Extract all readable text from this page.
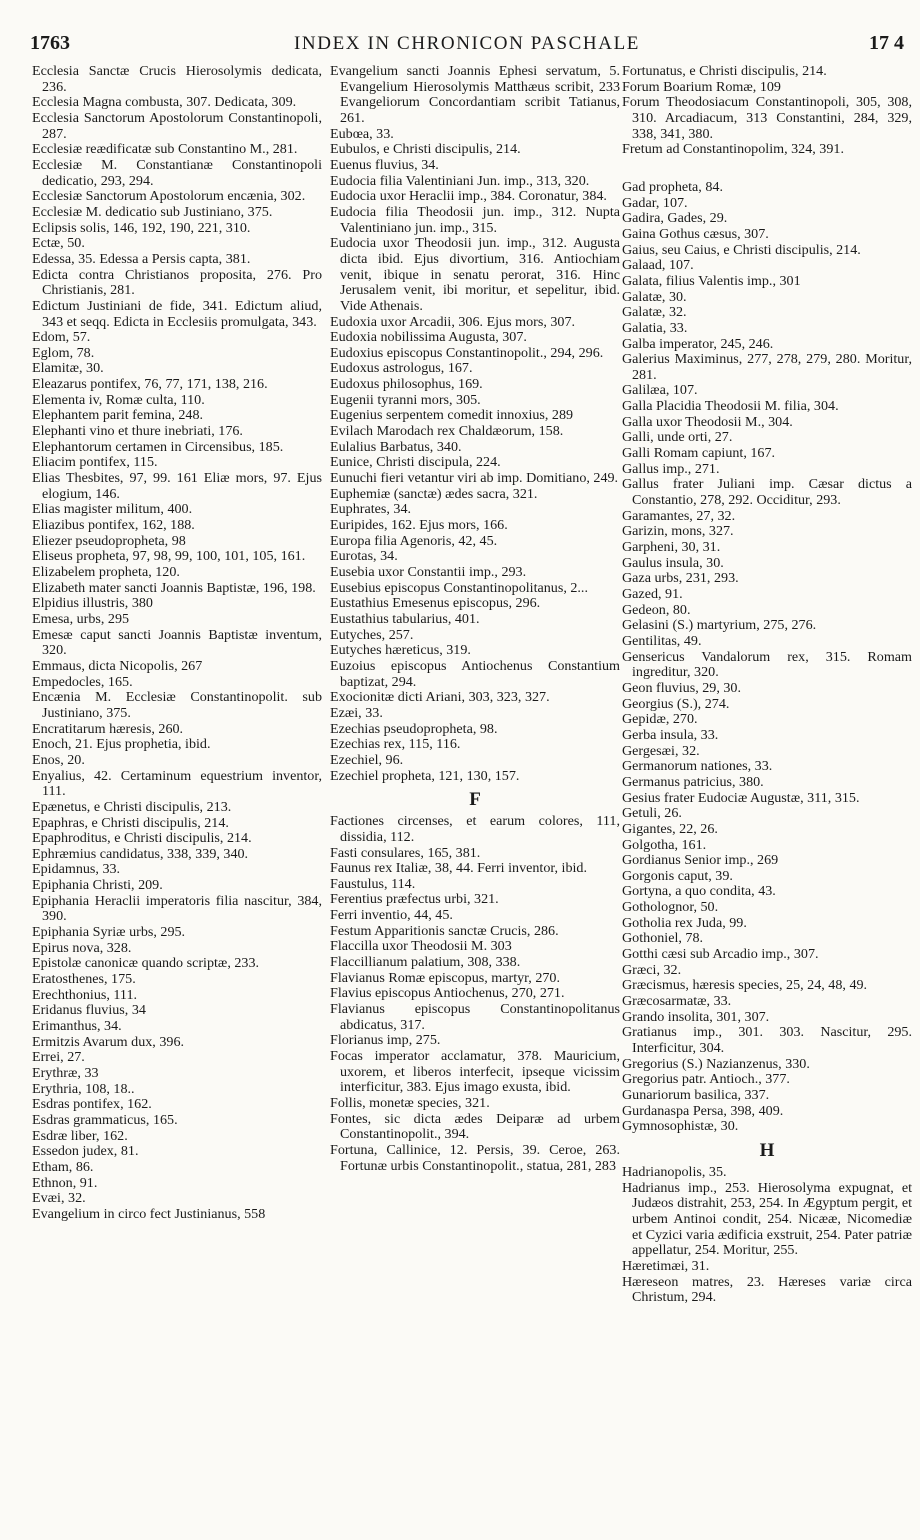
1763	INDEX IN CHRONICON PASCHALE	17 4

Ecclesia Sanctæ Crucis Hierosolymis dedicata, 236.

Ecclesia Magna combusta, 307. Dedicata, 309.

Ecclesia Sanctorum Apostolorum Constantinopoli, 287.

Ecclesiæ reædificatæ sub Constantino M., 281.

Ecclesiæ M. Constantianæ Constantinopoli dedicatio, 293, 294.

Ecclesiæ Sanctorum Apostolorum encænia, 302.

Ecclesiæ M. dedicatio sub Justiniano, 375.

Eclipsis solis, 146, 192, 190, 221, 310.

Ectæ, 50.

Edessa, 35. Edessa a Persis capta, 381.

Edicta contra Christianos proposita, 276. Pro Christianis, 281.

Edictum Justiniani de fide, 341. Edictum aliud, 343 et seqq. Edicta in Ecclesiis promulgata, 343.

Edom, 57.

Eglom, 78.

Elamitæ, 30.

Eleazarus pontifex, 76, 77, 171, 138, 216.

Elementa iv, Romæ culta, 110.

Elephantem parit femina, 248.

Elephanti vino et thure inebriati, 176.

Elephantorum certamen in Circensibus, 185.

Eliacim pontifex, 115.

Elias Thesbites, 97, 99. 161 Eliæ mors, 97. Ejus elogium, 146.

Elias magister militum, 400.

Eliazibus pontifex, 162, 188.

Eliezer pseudopropheta, 98

Eliseus propheta, 97, 98, 99, 100, 101, 105, 161.

Elizabelem propheta, 120.

Elizabeth mater sancti Joannis Baptistæ, 196, 198.

Elpidius illustris, 380

Emesa, urbs, 295

Emesæ caput sancti Joannis Baptistæ inventum, 320.

Emmaus, dicta Nicopolis, 267

Empedocles, 165.

Encænia M. Ecclesiæ Constantinopolit. sub Justiniano, 375.

Encratitarum hæresis, 260.

Enoch, 21. Ejus prophetia, ibid.

Enos, 20.

Enyalius, 42. Certaminum equestrium inventor, 111.

Epænetus, e Christi discipulis, 213.

Epaphras, e Christi discipulis, 214.

Epaphroditus, e Christi discipulis, 214.

Ephræmius candidatus, 338, 339, 340.

Epidamnus, 33.

Epiphania Christi, 209.

Epiphania Heraclii imperatoris filia nascitur, 384, 390.

Epiphania Syriæ urbs, 295.

Epirus nova, 328.

Epistolæ canonicæ quando scriptæ, 233.

Eratosthenes, 175.

Erechthonius, 111.

Eridanus fluvius, 34

Erimanthus, 34.

Ermitzis Avarum dux, 396.

Errei, 27.

Erythræ, 33

Erythria, 108, 18..

Esdras pontifex, 162.

Esdras grammaticus, 165.

Esdræ liber, 162.

Essedon judex, 81.

Etham, 86.

Ethnon, 91.

Evæi, 32.

Evangelium in circo fect Justinianus, 558

Evangelium sancti Joannis Ephesi servatum, 5. Evangelium Hierosolymis Matthæus scribit, 233 Evangeliorum Concordantiam scribit Tatianus, 261.

Eubœa, 33.

Eubulos, e Christi discipulis, 214.

Euenus fluvius, 34.

Eudocia filia Valentiniani Jun. imp., 313, 320.

Eudocia uxor Heraclii imp., 384. Coronatur, 384.

Eudocia filia Theodosii jun. imp., 312. Nupta Valentiniano jun. imp., 315.

Eudocia uxor Theodosii jun. imp., 312. Augusta dicta ibid. Ejus divortium, 316. Antiochiam venit, ibique in senatu perorat, 316. Hinc Jerusalem venit, ibi moritur, et sepelitur, ibid. Vide Athenais.

Eudoxia uxor Arcadii, 306. Ejus mors, 307.

Eudoxia nobilissima Augusta, 307.

Eudoxius episcopus Constantinopolit., 294, 296.

Eudoxus astrologus, 167.

Eudoxus philosophus, 169.

Eugenii tyranni mors, 305.

Eugenius serpentem comedit innoxius, 289

Evilach Marodach rex Chaldæorum, 158.

Eulalius Barbatus, 340.

Eunice, Christi discipula, 224.

Eunuchi fieri vetantur viri ab imp. Domitiano, 249.

Euphemiæ (sanctæ) ædes sacra, 321.

Euphrates, 34.

Euripides, 162. Ejus mors, 166.

Europa filia Agenoris, 42, 45.

Eurotas, 34.

Eusebia uxor Constantii imp., 293.

Eusebius episcopus Constantinopolitanus, 2...

Eustathius Emesenus episcopus, 296.

Eustathius tabularius, 401.

Eutyches, 257.

Eutyches hæreticus, 319.

Euzoius episcopus Antiochenus Constantium baptizat, 294.

Exocionitæ dicti Ariani, 303, 323, 327.

Ezæi, 33.

Ezechias pseudopropheta, 98.

Ezechias rex, 115, 116.

Ezechiel, 96.

Ezechiel propheta, 121, 130, 157.

F

Factiones circenses, et earum colores, 111, dissidia, 112.

Fasti consulares, 165, 381.

Faunus rex Italiæ, 38, 44. Ferri inventor, ibid.

Faustulus, 114.

Ferentius præfectus urbi, 321.

Ferri inventio, 44, 45.

Festum Apparitionis sanctæ Crucis, 286.

Flaccilla uxor Theodosii M. 303

Flaccillianum palatium, 308, 338.

Flavianus Romæ episcopus, martyr, 270.

Flavius episcopus Antiochenus, 270, 271.

Flavianus episcopus Constantinopolitanus abdicatus, 317.

Florianus imp, 275.

Focas imperator acclamatur, 378. Mauricium, uxorem, et liberos interfecit, ipseque vicissim interficitur, 383. Ejus imago exusta, ibid.

Follis, monetæ species, 321.

Fontes, sic dicta ædes Deiparæ ad urbem Constantinopolit., 394.

Fortuna, Callinice, 12. Persis, 39. Ceroe, 263. Fortunæ urbis Constantinopolit., statua, 281, 283

Fortunatus, e Christi discipulis, 214.

Forum Boarium Romæ, 109

Forum Theodosiacum Constantinopoli, 305, 308, 310. Arcadiacum, 313 Constantini, 284, 329, 338, 341, 380.

Fretum ad Constantinopolim, 324, 391.

Gad propheta, 84.

Gadar, 107.

Gadira, Gades, 29.

Gaina Gothus cæsus, 307.

Gaius, seu Caius, e Christi discipulis, 214.

Galaad, 107.

Galata, filius Valentis imp., 301

Galatæ, 30.

Galatæ, 32.

Galatia, 33.

Galba imperator, 245, 246.

Galerius Maximinus, 277, 278, 279, 280. Moritur, 281.

Galilæa, 107.

Galla Placidia Theodosii M. filia, 304.

Galla uxor Theodosii M., 304.

Galli, unde orti, 27.

Galli Romam capiunt, 167.

Gallus imp., 271.

Gallus frater Juliani imp. Cæsar dictus a Constantio, 278, 292. Occiditur, 293.

Garamantes, 27, 32.

Garizin, mons, 327.

Garpheni, 30, 31.

Gaulus insula, 30.

Gaza urbs, 231, 293.

Gazed, 91.

Gedeon, 80.

Gelasini (S.) martyrium, 275, 276.

Gentilitas, 49.

Gensericus Vandalorum rex, 315. Romam ingreditur, 320.

Geon fluvius, 29, 30.

Georgius (S.), 274.

Gepidæ, 270.

Gerba insula, 33.

Gergesæi, 32.

Germanorum nationes, 33.

Germanus patricius, 380.

Gesius frater Eudociæ Augustæ, 311, 315.

Getuli, 26.

Gigantes, 22, 26.

Golgotha, 161.

Gordianus Senior imp., 269

Gorgonis caput, 39.

Gortyna, a quo condita, 43.

Gotholognor, 50.

Gotholia rex Juda, 99.

Gothoniel, 78.

Gotthi cæsi sub Arcadio imp., 307.

Græci, 32.

Græcismus, hæresis species, 25, 24, 48, 49.

Græcosarmatæ, 33.

Grando insolita, 301, 307.

Gratianus imp., 301. 303. Nascitur, 295. Interficitur, 304.

Gregorius (S.) Nazianzenus, 330.

Gregorius patr. Antioch., 377.

Gunariorum basilica, 337.

Gurdanaspa Persa, 398, 409.

Gymnosophistæ, 30.

H

Hadrianopolis, 35.

Hadrianus imp., 253. Hierosolyma expugnat, et Judæos distrahit, 253, 254. In Ægyptum pergit, et urbem Antinoi condit, 254. Nicææ, Nicomediæ et Cyzici varia ædificia exstruit, 254. Pater patriæ appellatur, 254. Moritur, 255.

Hæretimæi, 31.

Hæreseon matres, 23. Hæreses variæ circa Christum, 294.
